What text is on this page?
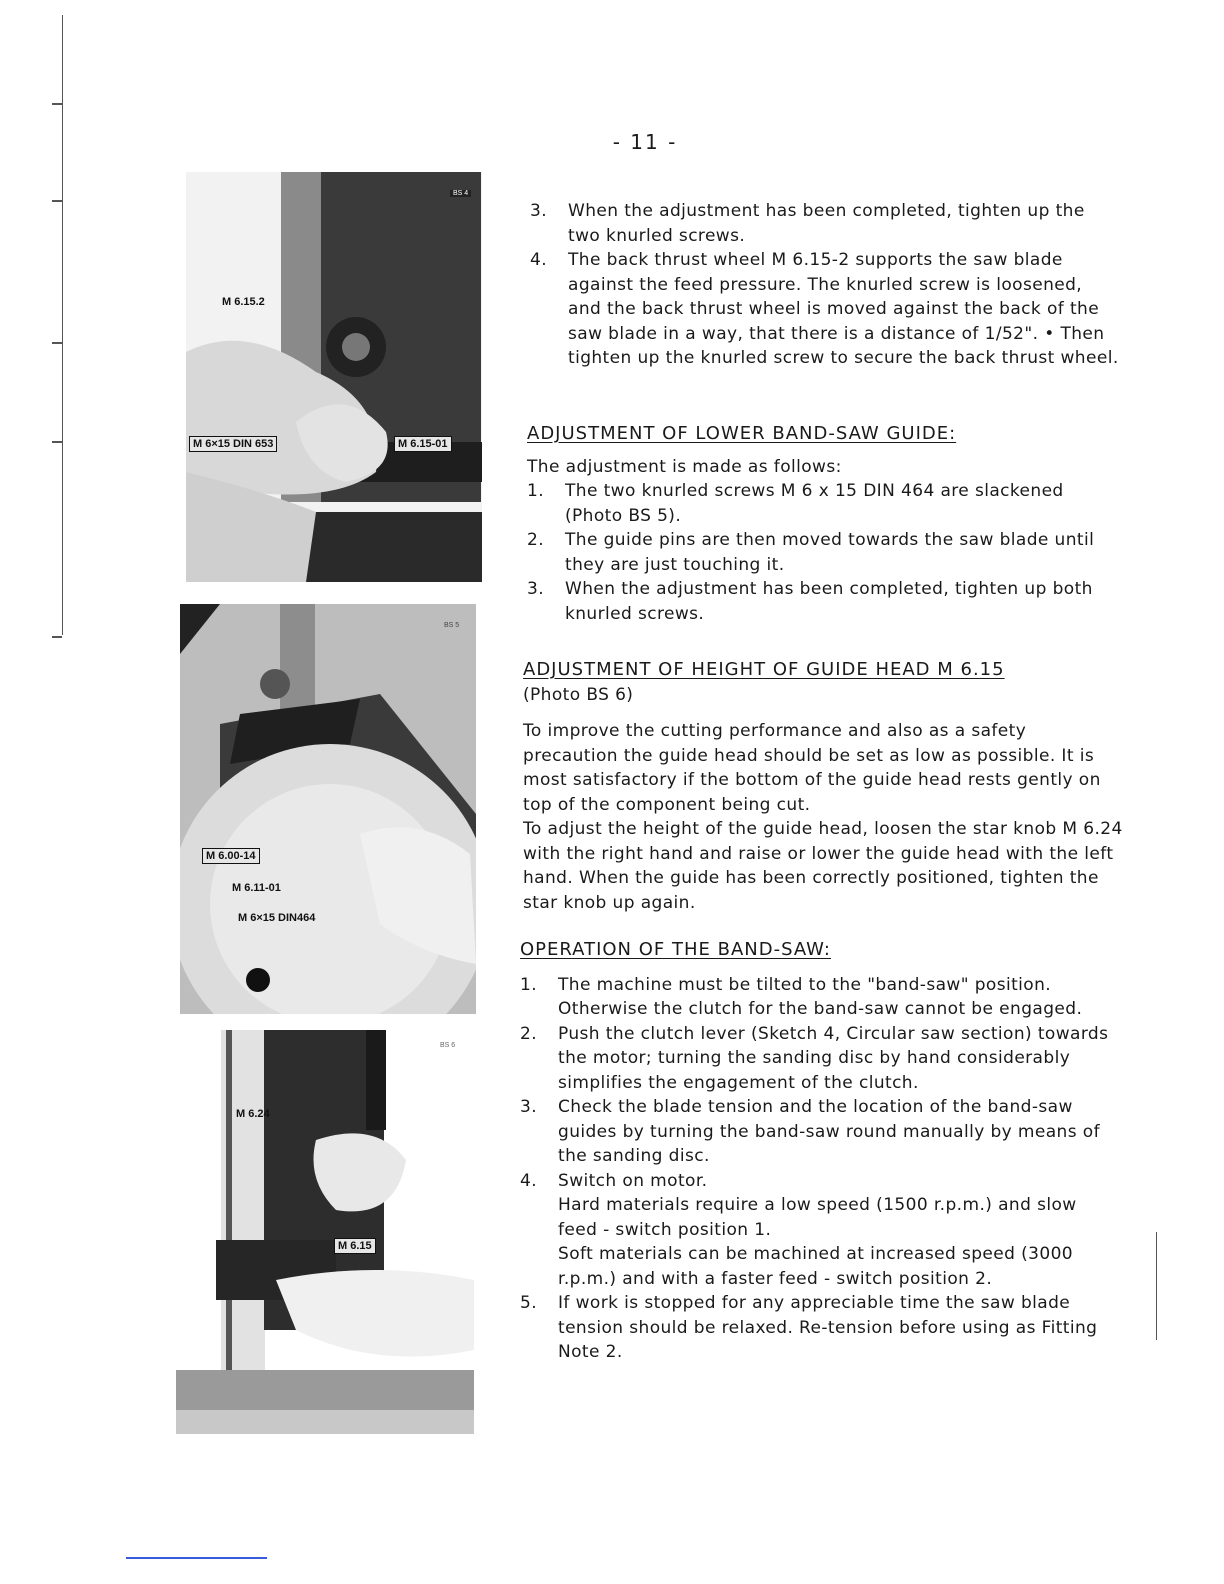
- 11 -
BS 4
M 6.15.2
M 6×15 DIN 653	M 6.15-01
BS 5
M 6.00-14
M 6.11-01
M 6×15 DIN464
BS 6
M 6.24
M 6.15
3.	When the adjustment has been completed, tighten up the two knurled screws.
4.	The back thrust wheel M 6.15-2 supports the saw blade against the feed pressure. The knurled screw is loosened, and the back thrust wheel is moved against the back of the saw blade in a way, that there is a distance of 1/52". • Then tighten up the knurled screw to secure the back thrust wheel.
ADJUSTMENT OF LOWER BAND-SAW GUIDE:

The adjustment is made as follows:

1.	The two knurled screws M 6 x 15 DIN 464 are slackened (Photo BS 5).
2.	The guide pins are then moved towards the saw blade until they are just touching it.
3.	When the adjustment has been completed, tighten up both knurled screws.
ADJUSTMENT OF HEIGHT OF GUIDE HEAD M 6.15
(Photo BS 6)

To improve the cutting performance and also as a safety precaution the guide head should be set as low as possible. It is most satisfactory if the bottom of the guide head rests gently on top of the component being cut.

To adjust the height of the guide head, loosen the star knob M 6.24 with the right hand and raise or lower the guide head with the left hand. When the guide has been correctly positioned, tighten the star knob up again.

OPERATION OF THE BAND-SAW:
1.	The machine must be tilted to the "band-saw" position. Otherwise the clutch for the band-saw cannot be engaged.
2.	Push the clutch lever (Sketch 4, Circular saw section) towards the motor; turning the sanding disc by hand considerably simplifies the engagement of the clutch.
3.	Check the blade tension and the location of the band-saw guides by turning the band-saw round manually by means of the sanding disc.
4.	Switch on motor.
Hard materials require a low speed (1500 r.p.m.) and slow feed - switch position 1.
Soft materials can be machined at increased speed (3000 r.p.m.) and with a faster feed - switch position 2.
5.	If work is stopped for any appreciable time the saw blade tension should be relaxed. Re-tension before using as Fitting Note 2.
